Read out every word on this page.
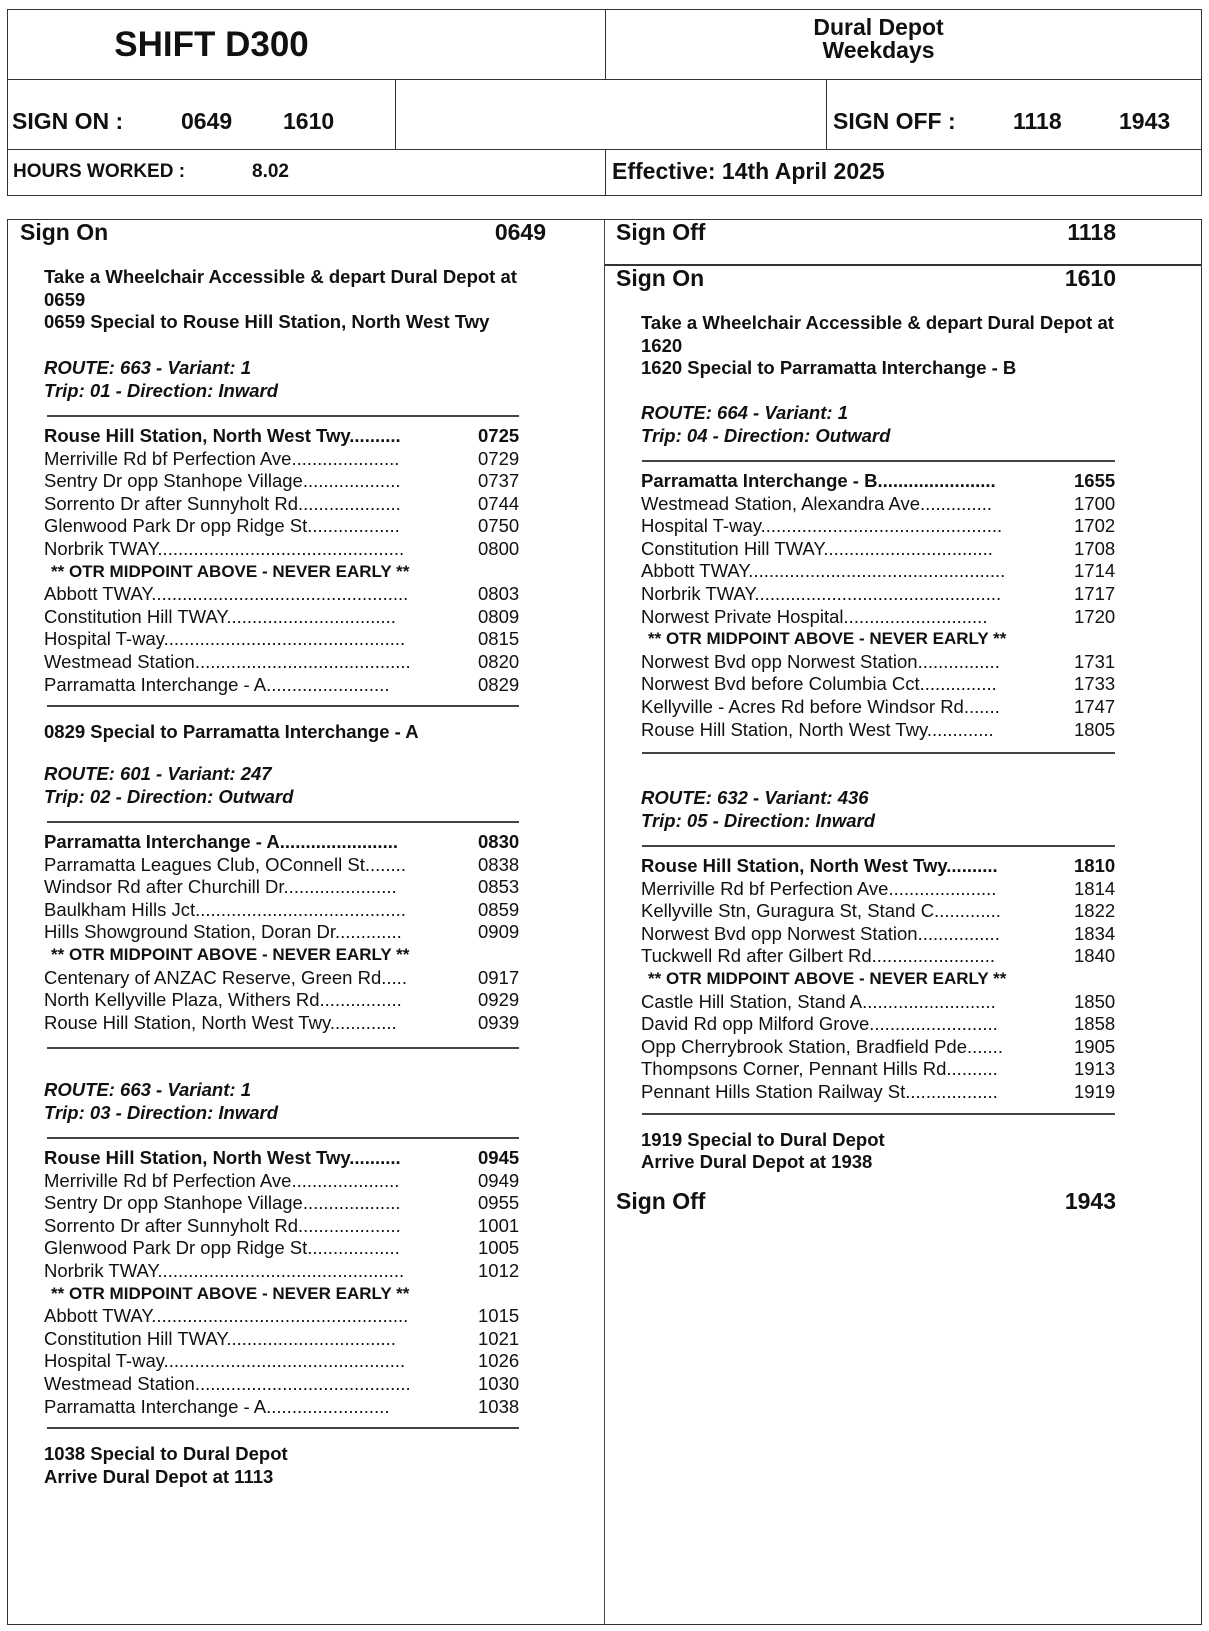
SHIFT D300	Dural Depot
Weekdays
SIGN ON :	0649 1610	SIGN OFF : 1118 1943
HOURS WORKED :	8.02	Effective: 14th April 2025
Sign On	0649
Take a Wheelchair Accessible & depart Dural Depot at
0659
0659 Special to Rouse Hill Station, North West Twy
ROUTE: 663 - Variant: 1
Trip: 01 - Direction: Inward
Rouse Hill Station, North West Twy..........	0725
Merriville Rd bf Perfection Ave.....................	0729
Sentry Dr opp Stanhope Village...................	0737
Sorrento Dr after Sunnyholt Rd....................	0744
Glenwood Park Dr opp Ridge St..................	0750
Norbrik TWAY................................................	0800
** OTR MIDPOINT ABOVE - NEVER EARLY **
Abbott TWAY..................................................	0803
Constitution Hill TWAY.................................	0809
Hospital T-way...............................................	0815
Westmead Station..........................................	0820
Parramatta Interchange - A........................	0829
0829 Special to Parramatta Interchange - A
ROUTE: 601 - Variant: 247
Trip: 02 - Direction: Outward
Parramatta Interchange - A.......................	0830
Parramatta Leagues Club, OConnell St........	0838
Windsor Rd after Churchill Dr......................	0853
Baulkham Hills Jct.........................................	0859
Hills Showground Station, Doran Dr.............	0909
** OTR MIDPOINT ABOVE - NEVER EARLY **
Centenary of ANZAC Reserve, Green Rd.....	0917
North Kellyville Plaza, Withers Rd................	0929
Rouse Hill Station, North West Twy.............	0939
ROUTE: 663 - Variant: 1
Trip: 03 - Direction: Inward
Rouse Hill Station, North West Twy..........	0945
Merriville Rd bf Perfection Ave.....................	0949
Sentry Dr opp Stanhope Village...................	0955
Sorrento Dr after Sunnyholt Rd....................	1001
Glenwood Park Dr opp Ridge St..................	1005
Norbrik TWAY................................................	1012
** OTR MIDPOINT ABOVE - NEVER EARLY **
Abbott TWAY..................................................	1015
Constitution Hill TWAY.................................	1021
Hospital T-way...............................................	1026
Westmead Station..........................................	1030
Parramatta Interchange - A........................	1038
1038 Special to Dural Depot
Arrive Dural Depot at 1113
Sign Off	1118
Sign On	1610
Take a Wheelchair Accessible & depart Dural Depot at
1620
1620 Special to Parramatta Interchange - B
ROUTE: 664 - Variant: 1
Trip: 04 - Direction: Outward
Parramatta Interchange - B.......................	1655
Westmead Station, Alexandra Ave..............	1700
Hospital T-way...............................................	1702
Constitution Hill TWAY.................................	1708
Abbott TWAY..................................................	1714
Norbrik TWAY................................................	1717
Norwest Private Hospital............................	1720
** OTR MIDPOINT ABOVE - NEVER EARLY **
Norwest Bvd opp Norwest Station................	1731
Norwest Bvd before Columbia Cct...............	1733
Kellyville - Acres Rd before Windsor Rd.......	1747
Rouse Hill Station, North West Twy.............	1805
ROUTE: 632 - Variant: 436
Trip: 05 - Direction: Inward
Rouse Hill Station, North West Twy..........	1810
Merriville Rd bf Perfection Ave.....................	1814
Kellyville Stn, Guragura St, Stand C.............	1822
Norwest Bvd opp Norwest Station................	1834
Tuckwell Rd after Gilbert Rd........................	1840
** OTR MIDPOINT ABOVE - NEVER EARLY **
Castle Hill Station, Stand A..........................	1850
David Rd opp Milford Grove.........................	1858
Opp Cherrybrook Station, Bradfield Pde.......	1905
Thompsons Corner, Pennant Hills Rd..........	1913
Pennant Hills Station Railway St..................	1919
1919 Special to Dural Depot
Arrive Dural Depot at 1938
Sign Off	1943
